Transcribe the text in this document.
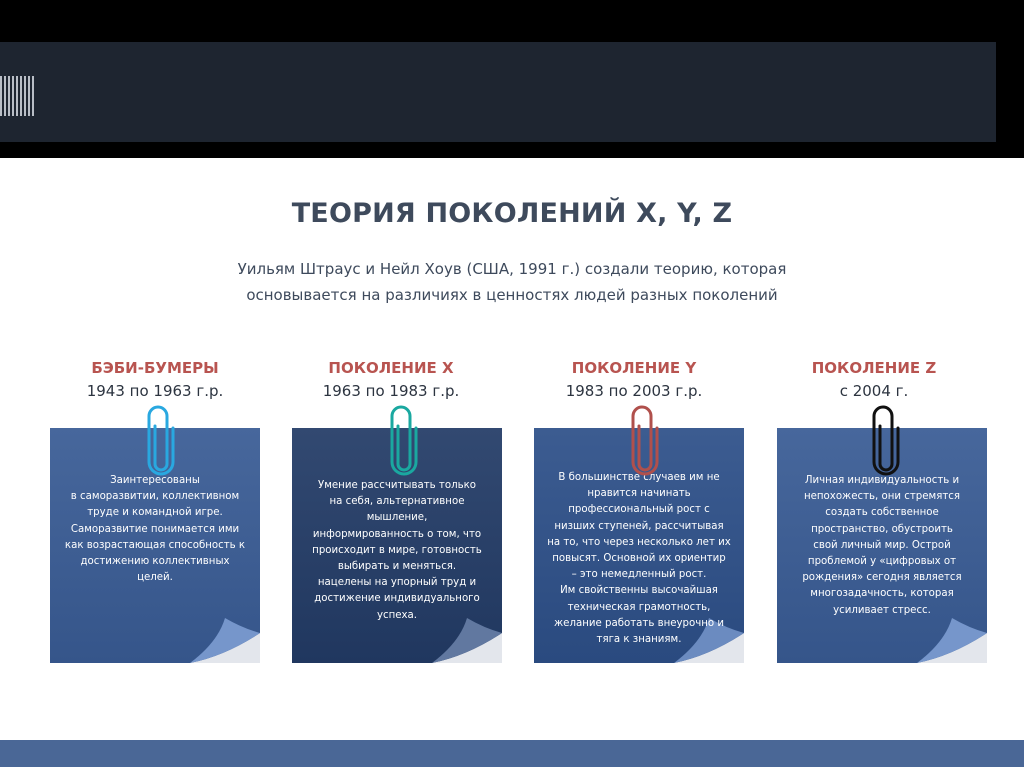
ТЕОРИЯ ПОКОЛЕНИЙ X, Y, Z
Уильям Штраус и Нейл Хоув (США, 1991 г.) создали теорию, которая
основывается на различиях в ценностях людей разных поколений
БЭБИ-БУМЕРЫ
1943 по 1963 г.р.
ПОКОЛЕНИЕ X
1963 по 1983 г.р.
ПОКОЛЕНИЕ Y
1983 по 2003 г.р.
ПОКОЛЕНИЕ Z
с 2004 г.
Заинтересованы
в саморазвитии, коллективном
труде и командной игре.
Саморазвитие понимается ими
как возрастающая способность к
достижению коллективных
целей.
Умение рассчитывать только
на себя, альтернативное
мышление,
информированность о том, что
происходит в мире, готовность
выбирать и меняться.
нацелены на упорный труд и
достижение индивидуального
успеха.
В большинстве случаев им не
нравится начинать
профессиональный рост с
низших ступеней, рассчитывая
на то, что через несколько лет их
повысят. Основной их ориентир
– это немедленный рост.
Им свойственны высочайшая
техническая грамотность,
желание работать внеурочно и
тяга к знаниям.
Личная индивидуальность и
непохожесть, они стремятся
создать собственное
пространство, обустроить
свой личный мир. Острой
проблемой у «цифровых от
рождения» сегодня является
многозадачность, которая
усиливает стресс.
